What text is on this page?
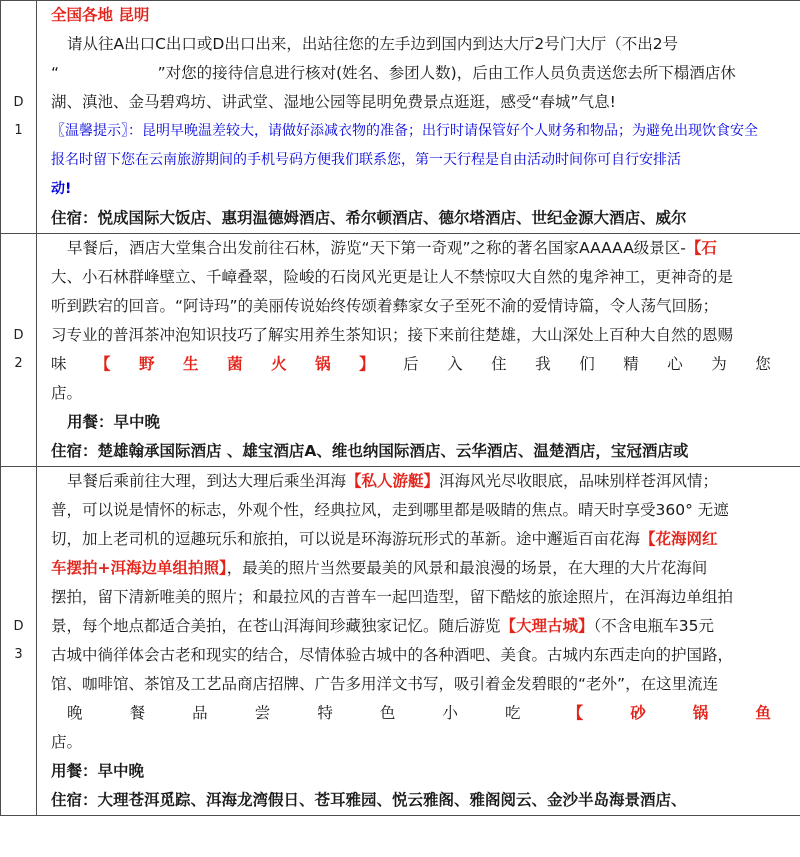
D
1
全国各地 昆明
请从往A出口C出口或D出口出来，出站往您的左手边到国内到达大厅2号门大厅（不出2号
“                    ”对您的接待信息进行核对(姓名、参团人数)，后由工作人员负责送您去所下榻酒店休
湖、滇池、金马碧鸡坊、讲武堂、湿地公园等昆明免费景点逛逛，感受“春城”气息!
〖温馨提示〗：昆明早晚温差较大，请做好添减衣物的准备；出行时请保管好个人财务和物品；为避免出现饮食安全
报名时留下您在云南旅游期间的手机号码方便我们联系您，第一天行程是自由活动时间你可自行安排活
动!
住宿：悦成国际大饭店、惠玥温德姆酒店、希尔顿酒店、德尔塔酒店、世纪金源大酒店、威尔
D
2
早餐后，酒店大堂集合出发前往石林，游览“天下第一奇观”之称的著名国家AAAAA级景区-【石
大、小石林群峰壁立、千嶂叠翠，险峻的石岗风光更是让人不禁惊叹大自然的鬼斧神工，更神奇的是
听到跌宕的回音。“阿诗玛”的美丽传说始终传颂着彝家女子至死不渝的爱情诗篇，令人荡气回肠；
习专业的普洱茶冲泡知识技巧了解实用养生茶知识；接下来前往楚雄，大山深处上百种大自然的恩赐
味 【 野 生 菌 火 锅 】 后 入 住 我 们 精 心 为 您
店。
用餐：早中晚
住宿：楚雄翰承国际酒店 、雄宝酒店A、维也纳国际酒店、云华酒店、温楚酒店，宝冠酒店或
D
3
早餐后乘前往大理，到达大理后乘坐洱海【私人游艇】洱海风光尽收眼底，品味别样苍洱风情；
普，可以说是情怀的标志，外观个性，经典拉风，走到哪里都是吸睛的焦点。晴天时享受360° 无遮
切，加上老司机的逗趣玩乐和旅拍，可以说是环海游玩形式的革新。途中邂逅百亩花海【花海网红
车摆拍+洱海边单组拍照】，最美的照片当然要最美的风景和最浪漫的场景，在大理的大片花海间
摆拍，留下清新唯美的照片；和最拉风的吉普车一起凹造型，留下酷炫的旅途照片，在洱海边单组拍
景，每个地点都适合美拍，在苍山洱海间珍藏独家记忆。随后游览【大理古城】（不含电瓶车35元
古城中徜徉体会古老和现实的结合，尽情体验古城中的各种酒吧、美食。古城内东西走向的护国路，
馆、咖啡馆、茶馆及工艺品商店招牌、广告多用洋文书写，吸引着金发碧眼的“老外”，在这里流连
晚	餐	品	尝	特	色	小	吃	【	砂	锅	鱼
店。
用餐：早中晚
住宿：大理苍洱觅踪、洱海龙湾假日、苍耳雅园、悦云雅阁、雅阁阅云、金沙半岛海景酒店、
